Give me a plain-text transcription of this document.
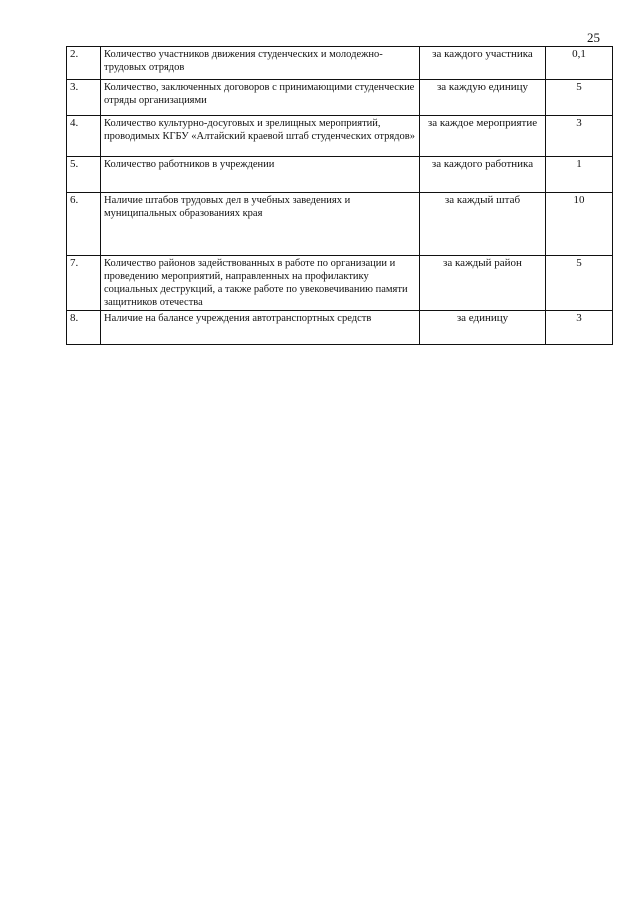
25
2.	Количество участников движения студенческих и молодежно-трудовых отрядов	за каждого участника	0,1
3.	Количество, заключенных договоров с принимающими студенческие отряды организациями	за каждую единицу	5
4.	Количество культурно-досуговых и зрелищных мероприятий, проводимых КГБУ «Алтайский краевой штаб студенческих отрядов»	за каждое мероприятие	3
5.	Количество работников в учреждении	за каждого работника	1
6.	Наличие штабов трудовых дел в учебных заведениях и муниципальных образованиях края	за каждый штаб	10
7.	Количество районов задействованных в работе по организации и проведению мероприятий, направленных на профилактику социальных деструкций, а также работе по увековечиванию памяти защитников отечества	за каждый район	5
8.	Наличие на балансе учреждения автотранспортных средств	за единицу	3
